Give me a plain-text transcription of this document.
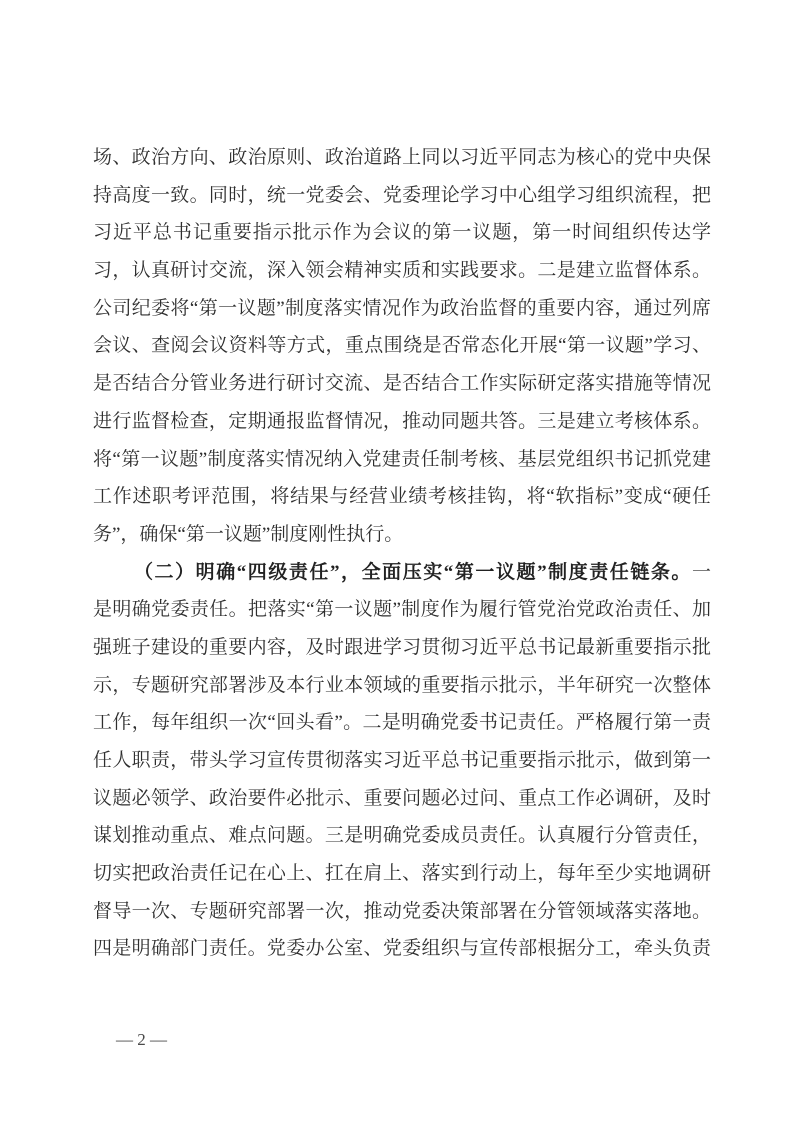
场、政治方向、政治原则、政治道路上同以习近平同志为核心的党中央保
持高度一致。同时，统一党委会、党委理论学习中心组学习组织流程，把
习近平总书记重要指示批示作为会议的第一议题，第一时间组织传达学
习，认真研讨交流，深入领会精神实质和实践要求。二是建立监督体系。
公司纪委将“第一议题”制度落实情况作为政治监督的重要内容，通过列席
会议、查阅会议资料等方式，重点围绕是否常态化开展“第一议题”学习、
是否结合分管业务进行研讨交流、是否结合工作实际研定落实措施等情况
进行监督检查，定期通报监督情况，推动同题共答。三是建立考核体系。
将“第一议题”制度落实情况纳入党建责任制考核、基层党组织书记抓党建
工作述职考评范围，将结果与经营业绩考核挂钩，将“软指标”变成“硬任
务”，确保“第一议题”制度刚性执行。
（二）明确“四级责任”，全面压实“第一议题”制度责任链条。一
是明确党委责任。把落实“第一议题”制度作为履行管党治党政治责任、加
强班子建设的重要内容，及时跟进学习贯彻习近平总书记最新重要指示批
示，专题研究部署涉及本行业本领域的重要指示批示，半年研究一次整体
工作，每年组织一次“回头看”。二是明确党委书记责任。严格履行第一责
任人职责，带头学习宣传贯彻落实习近平总书记重要指示批示，做到第一
议题必领学、政治要件必批示、重要问题必过问、重点工作必调研，及时
谋划推动重点、难点问题。三是明确党委成员责任。认真履行分管责任，
切实把政治责任记在心上、扛在肩上、落实到行动上，每年至少实地调研
督导一次、专题研究部署一次，推动党委决策部署在分管领域落实落地。
四是明确部门责任。党委办公室、党委组织与宣传部根据分工，牵头负责
— 2 —
